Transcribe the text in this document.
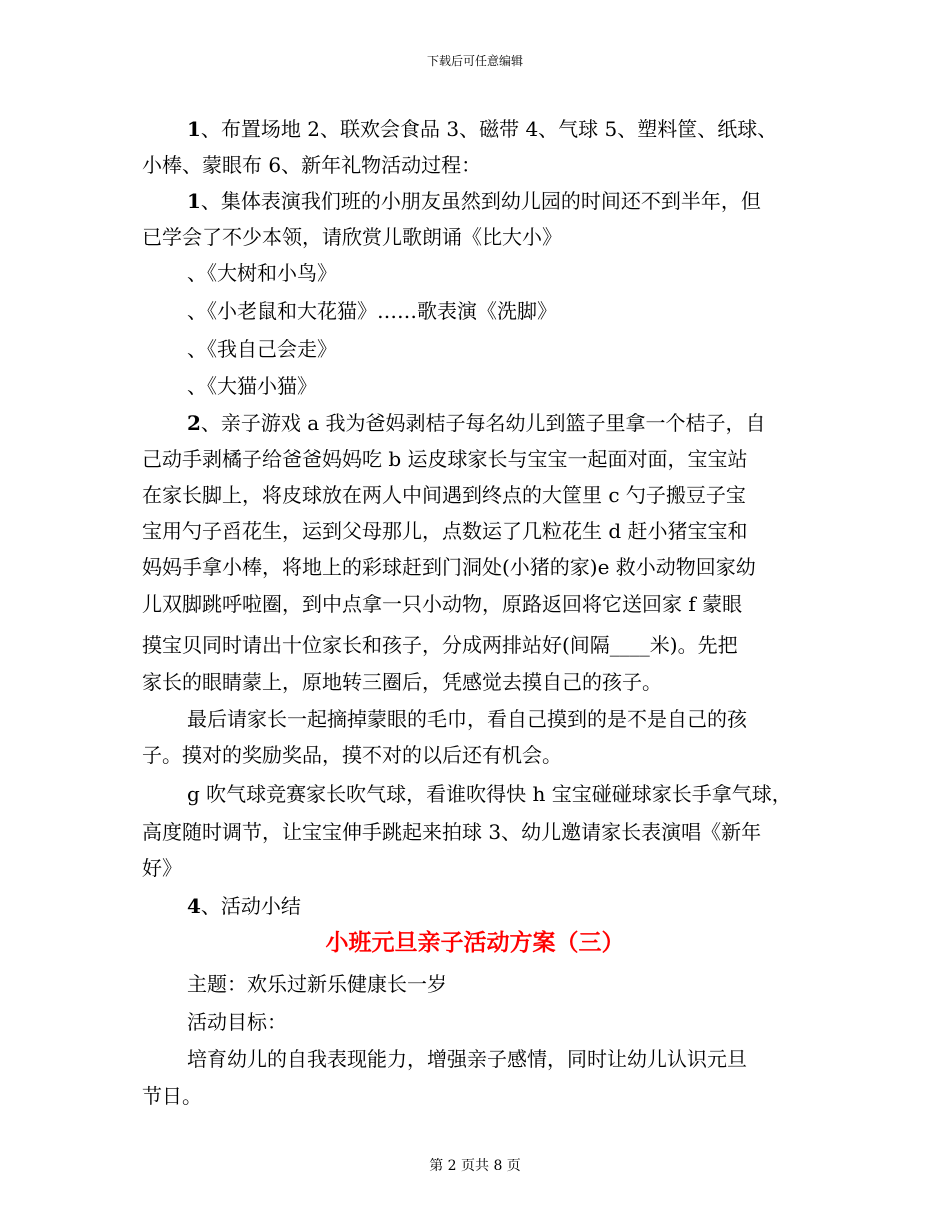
下载后可任意编辑
1、布置场地 2、联欢会食品 3、磁带 4、气球 5、塑料筐、纸球、
小棒、蒙眼布 6、新年礼物活动过程：
1、集体表演我们班的小朋友虽然到幼儿园的时间还不到半年，但
已学会了不少本领，请欣赏儿歌朗诵《比大小》
、《大树和小鸟》
、《小老鼠和大花猫》……歌表演《洗脚》
、《我自己会走》
、《大猫小猫》
2、亲子游戏 a 我为爸妈剥桔子每名幼儿到篮子里拿一个桔子，自
己动手剥橘子给爸爸妈妈吃 b 运皮球家长与宝宝一起面对面，宝宝站
在家长脚上，将皮球放在两人中间遇到终点的大筐里 c 勺子搬豆子宝
宝用勺子舀花生，运到父母那儿，点数运了几粒花生 d 赶小猪宝宝和
妈妈手拿小棒，将地上的彩球赶到门洞处(小猪的家)e 救小动物回家幼
儿双脚跳呼啦圈，到中点拿一只小动物，原路返回将它送回家 f 蒙眼
摸宝贝同时请出十位家长和孩子，分成两排站好(间隔____米)。先把
家长的眼睛蒙上，原地转三圈后，凭感觉去摸自己的孩子。
最后请家长一起摘掉蒙眼的毛巾，看自己摸到的是不是自己的孩
子。摸对的奖励奖品，摸不对的以后还有机会。
g 吹气球竞赛家长吹气球，看谁吹得快 h 宝宝碰碰球家长手拿气球，
高度随时调节，让宝宝伸手跳起来拍球 3、幼儿邀请家长表演唱《新年
好》
4、活动小结
小班元旦亲子活动方案（三）
主题：欢乐过新乐健康长一岁
活动目标：
培育幼儿的自我表现能力，增强亲子感情，同时让幼儿认识元旦
节日。
第 2 页共 8 页
